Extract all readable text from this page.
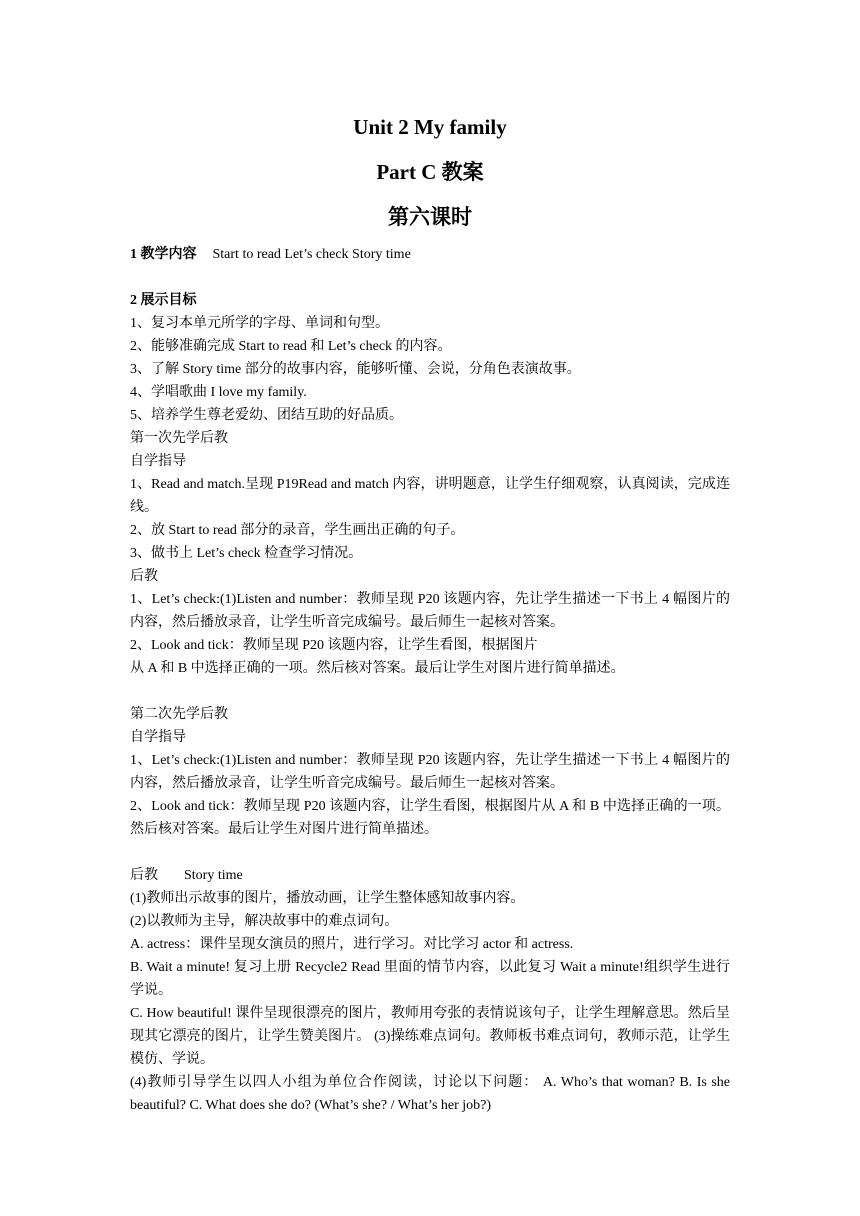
Unit 2 My family
Part C 教案
第六课时

1 教学内容 Start to read Let’s check Story time

2 展示目标

1、复习本单元所学的字母、单词和句型。

2、能够准确完成 Start to read 和 Let’s check 的内容。

3、了解 Story time 部分的故事内容，能够听懂、会说，分角色表演故事。

4、学唱歌曲 I love my family.

5、培养学生尊老爱幼、团结互助的好品质。

第一次先学后教

自学指导

1、Read and match.呈现 P19Read and match 内容，讲明题意，让学生仔细观察，认真阅读，完成连线。

2、放 Start to read 部分的录音，学生画出正确的句子。

3、做书上 Let’s check 检查学习情况。

后教

1、Let’s check:(1)Listen and number：教师呈现 P20 该题内容，先让学生描述一下书上 4 幅图片的内容，然后播放录音，让学生听音完成编号。最后师生一起核对答案。

2、Look and tick：教师呈现 P20 该题内容，让学生看图，根据图片

从 A 和 B 中选择正确的一项。然后核对答案。最后让学生对图片进行简单描述。

第二次先学后教

自学指导

1、Let’s check:(1)Listen and number：教师呈现 P20 该题内容，先让学生描述一下书上 4 幅图片的内容，然后播放录音，让学生听音完成编号。最后师生一起核对答案。

2、Look and tick：教师呈现 P20 该题内容，让学生看图，根据图片从 A 和 B 中选择正确的一项。然后核对答案。最后让学生对图片进行简单描述。

后教 Story time

(1)教师出示故事的图片，播放动画，让学生整体感知故事内容。

(2)以教师为主导，解决故事中的难点词句。

A. actress：课件呈现女演员的照片，进行学习。对比学习 actor 和 actress.

B. Wait a minute! 复习上册 Recycle2 Read 里面的情节内容，以此复习 Wait a minute!组织学生进行学说。

C. How beautiful! 课件呈现很漂亮的图片，教师用夸张的表情说该句子，让学生理解意思。然后呈现其它漂亮的图片，让学生赞美图片。 (3)操练难点词句。教师板书难点词句，教师示范，让学生模仿、学说。

(4)教师引导学生以四人小组为单位合作阅读，讨论以下问题： A. Who’s that woman? B. Is she beautiful? C. What does she do? (What’s she? / What’s her job?)
